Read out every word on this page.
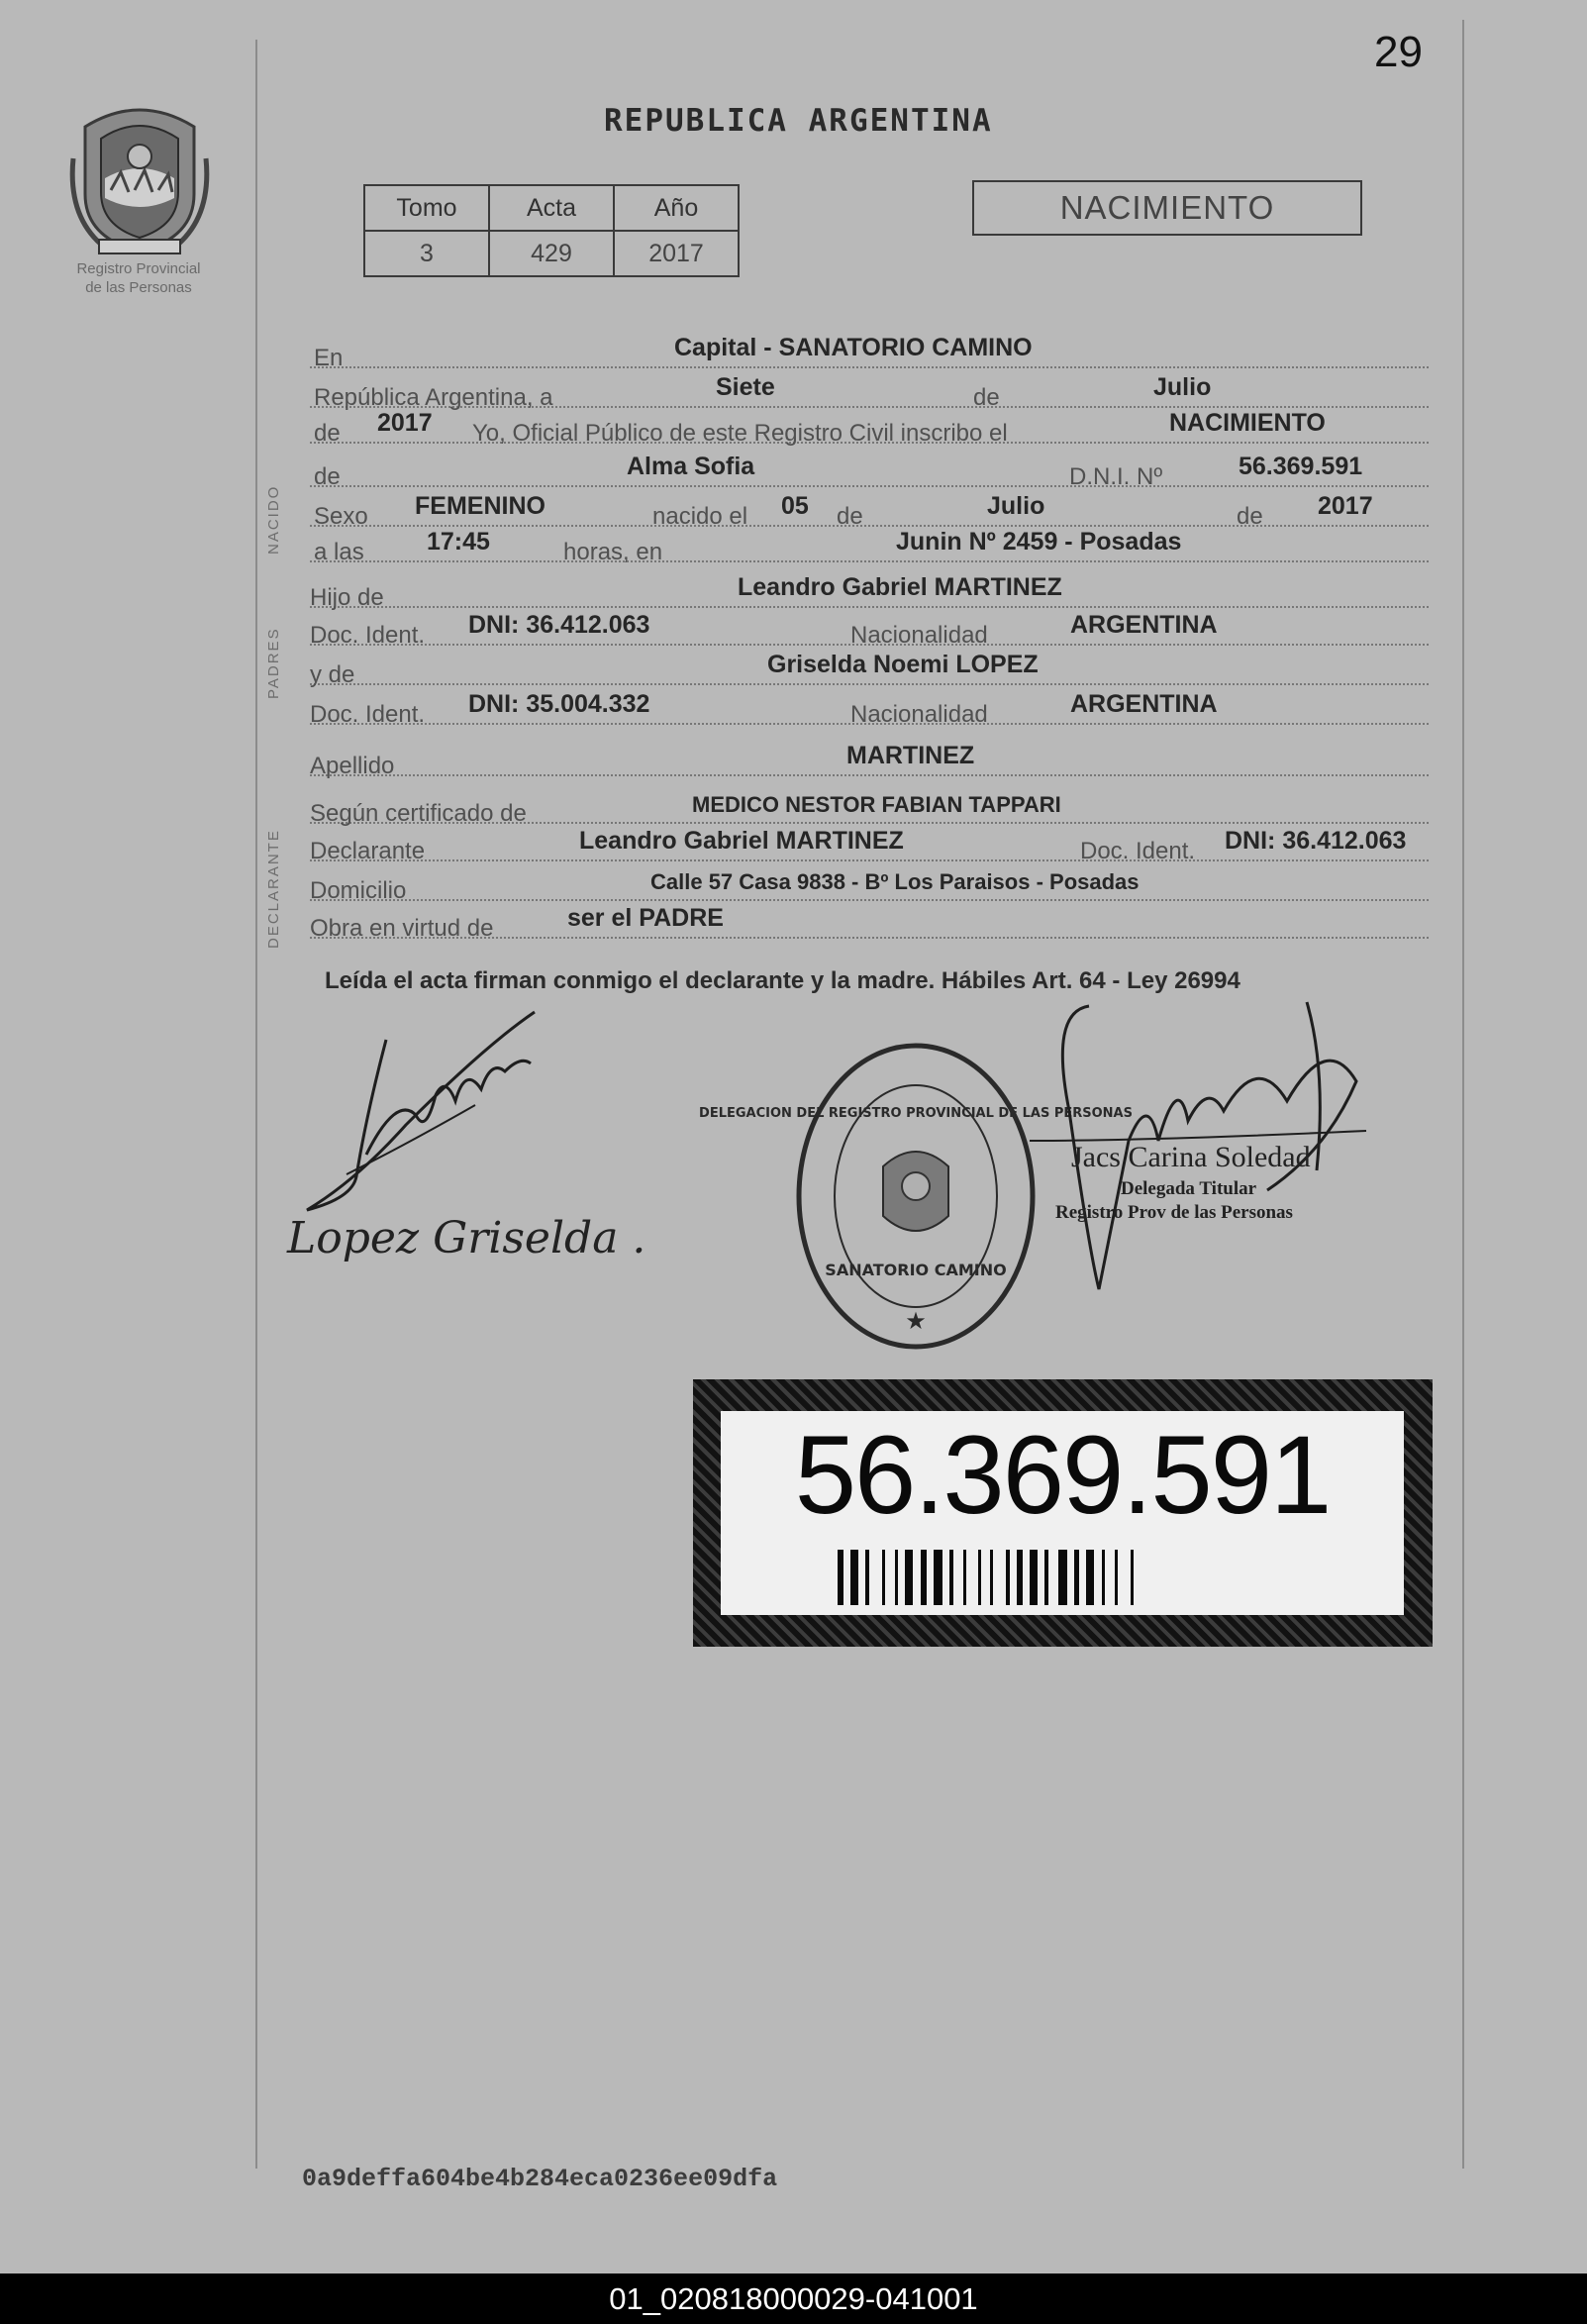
29
Registro Provincial
de las Personas
REPUBLICA ARGENTINA
Tomo	Acta	Año
3	429	2017
NACIMIENTO
NACIDO
PADRES
DECLARANTE
En	Capital - SANATORIO CAMINO
República Argentina, a	Siete	de	Julio
de 2017 Yo, Oficial Público de este Registro Civil inscribo el	NACIMIENTO
de	Alma Sofia	D.N.I. Nº	56.369.591
Sexo FEMENINO	nacido el 05 de	Julio	de 2017
a las	17:45	horas, en	Junin Nº 2459 - Posadas
Hijo de	Leandro Gabriel MARTINEZ
Doc. Ident. DNI: 36.412.063	Nacionalidad	ARGENTINA
y de	Griselda Noemi LOPEZ
Doc. Ident. DNI: 35.004.332	Nacionalidad	ARGENTINA
Apellido	MARTINEZ
Según certificado de	MEDICO NESTOR FABIAN TAPPARI
Declarante	Leandro Gabriel MARTINEZ	Doc. Ident. DNI: 36.412.063
Domicilio	Calle 57 Casa 9838 - Bº Los Paraisos - Posadas
Obra en virtud de	ser el PADRE
Leída el acta firman conmigo el declarante y la madre. Hábiles Art. 64 - Ley 26994
Lopez Griselda .
★
DELEGACION DEL REGISTRO PROVINCIAL DE LAS PERSONAS
SANATORIO CAMINO
Jacs Carina Soledad
Delegada Titular
Registro Prov de las Personas
56.369.591
0a9deffa604be4b284eca0236ee09dfa
01_020818000029-041001
